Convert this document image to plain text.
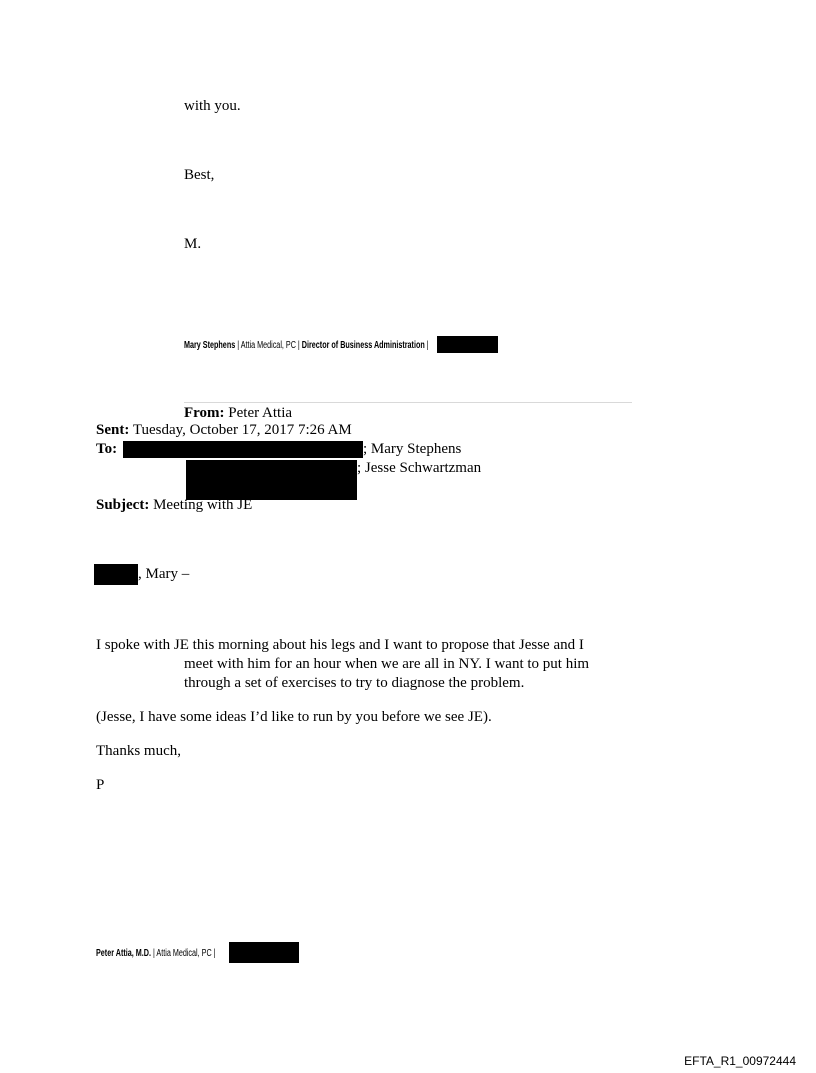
with you.
Best,
M.
Mary Stephens | Attia Medical, PC | Director of Business Administration |
From: Peter Attia
Sent: Tuesday, October 17, 2017 7:26 AM
To:	; Mary Stephens
; Jesse Schwartzman
Subject: Meeting with JE
, Mary –
I spoke with JE this morning about his legs and I want to propose that Jesse and I
meet with him for an hour when we are all in NY. I want to put him
through a set of exercises to try to diagnose the problem.
(Jesse, I have some ideas I’d like to run by you before we see JE).
Thanks much,
P
Peter Attia, M.D. | Attia Medical, PC |
EFTA_R1_00972444
